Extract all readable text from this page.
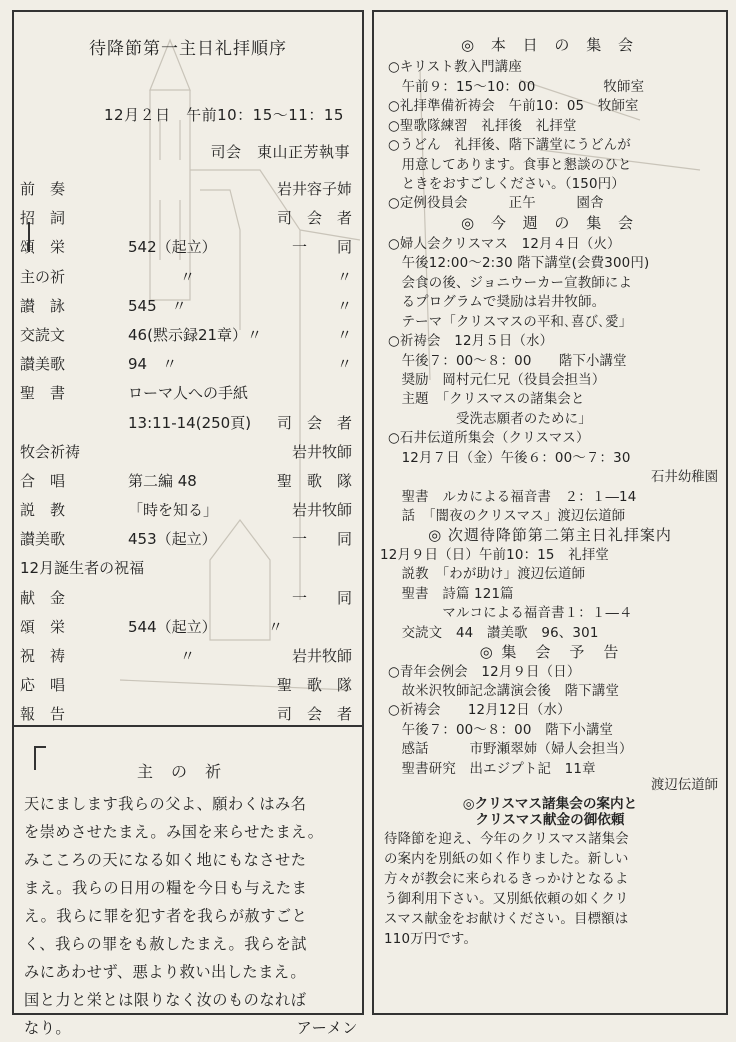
待降節第一主日礼拝順序
12月２日　午前10：15～11：15
司会　東山正芳執事
前　奏	岩井容子姉
招　詞	司　会　者
頌　栄	542（起立）	一　　同
主の祈	〃	〃
讃　詠	545　〃	〃
交読文	46(黙示録21章）〃	〃
讃美歌	94　〃	〃
聖　書	ローマ人への手紙
13:11-14(250頁)	司　会　者
牧会祈祷	岩井牧師
合　唱	第二編 48	聖　歌　隊
説　教	「時を知る」	岩井牧師
讃美歌	453（起立）	一　　同
12月誕生者の祝福
献　金	一　　同
頌　栄	544（起立）	〃
祝　祷	〃	岩井牧師
応　唱	聖　歌　隊
報　告	司　会　者
主の祈

天にまします我らの父よ、願わくはみ名

を崇めさせたまえ。み国を来らせたまえ。

みこころの天になる如く地にもなさせた

まえ。我らの日用の糧を今日も与えたま

え。我らに罪を犯す者を我らが赦すごと

く、我らの罪をも赦したまえ。我らを試

みにあわせず、悪より救い出したまえ。

国と力と栄とは限りなく汝のものなれば

なり。	アーメン

◎ 本 日 の 集 会
○キリスト教入門講座
　午前９：15～10：00　　　　　牧師室
○礼拝準備祈祷会　午前10：05　牧師室
○聖歌隊練習　礼拝後　礼拝堂
○うどん　礼拝後、階下講堂にうどんが
　用意してあります。食事と懇談のひと
　ときをおすごしください。（150円）
○定例役員会　　　正午　　　園舎
◎ 今 週 の 集 会
○婦人会クリスマス　12月４日（火）
　午後12:00～2:30 階下講堂(会費300円)
　会食の後、ジョニウーカー宣教師によ
　るプログラムで奨励は岩井牧師。
　テーマ「クリスマスの平和､喜び､愛」
○祈祷会　12月５日（水）
　午後７：00～８：00　　階下小講堂
　奨励　岡村元仁兄（役員会担当）
　主題　「クリスマスの諸集会と
　　　　　受洗志願者のために」
○石井伝道所集会（クリスマス）
　12月７日（金）午後６：00～７：30
石井幼稚園
　聖書　ルカによる福音書　２：１―14
　話　「闇夜のクリスマス」渡辺伝道師
◎ 次週待降節第二第主日礼拝案内
12月９日（日）午前10：15　礼拝堂
　説教　「わが助け」渡辺伝道師
　聖書　詩篇 121篇
　　　　マルコによる福音書１：１―４
　交読文　44　讃美歌　96、301
◎ 集　会　予　告
○青年会例会　12月９日（日）
　故米沢牧師記念講演会後　階下講堂
○祈祷会　　12月12日（水）
　午後７：00～８：00　階下小講堂
　感話　　　市野瀬翠姉（婦人会担当）
　聖書研究　出エジプト記　11章
渡辺伝道師
◎クリスマス諸集会の案内と
クリスマス献金の御依頼
待降節を迎え、今年のクリスマス諸集会
の案内を別紙の如く作りました。新しい
方々が教会に来られるきっかけとなるよ
う御利用下さい。又別紙依頼の如くクリ
スマス献金をお献けください。目標額は
110万円です。
